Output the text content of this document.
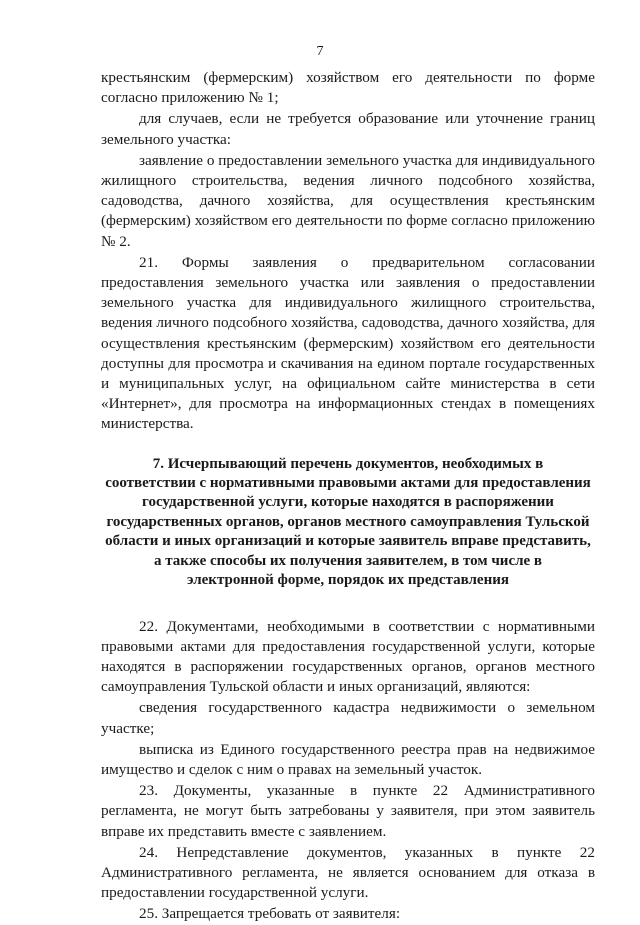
7

крестьянским (фермерским) хозяйством его деятельности по форме согласно приложению № 1;

для случаев, если не требуется образование или уточнение границ земельного участка:

заявление о предоставлении земельного участка для индивидуального жилищного строительства, ведения личного подсобного хозяйства, садоводства, дачного хозяйства, для осуществления крестьянским (фермерским) хозяйством его деятельности по форме согласно приложению № 2.

21. Формы заявления о предварительном согласовании предоставления земельного участка или заявления о предоставлении земельного участка для индивидуального жилищного строительства, ведения личного подсобного хозяйства, садоводства, дачного хозяйства, для осуществления крестьянским (фермерским) хозяйством его деятельности доступны для просмотра и скачивания на едином портале государственных и муниципальных услуг, на официальном сайте министерства в сети «Интернет», для просмотра на информационных стендах в помещениях министерства.

7. Исчерпывающий перечень документов, необходимых в
соответствии с нормативными правовыми актами для предоставления
государственной услуги, которые находятся в распоряжении
государственных органов, органов местного самоуправления Тульской
области и иных организаций и которые заявитель вправе представить,
а также способы их получения заявителем, в том числе в
электронной форме, порядок их представления

22. Документами, необходимыми в соответствии с нормативными правовыми актами для предоставления государственной услуги, которые находятся в распоряжении государственных органов, органов местного самоуправления Тульской области и иных организаций, являются:

сведения государственного кадастра недвижимости о земельном участке;

выписка из Единого государственного реестра прав на недвижимое имущество и сделок с ним о правах на земельный участок.

23. Документы, указанные в пункте 22 Административного регламента, не могут быть затребованы у заявителя, при этом заявитель вправе их представить вместе с заявлением.

24. Непредставление документов, указанных в пункте 22 Административного регламента, не является основанием для отказа в предоставлении государственной услуги.

25. Запрещается требовать от заявителя:
